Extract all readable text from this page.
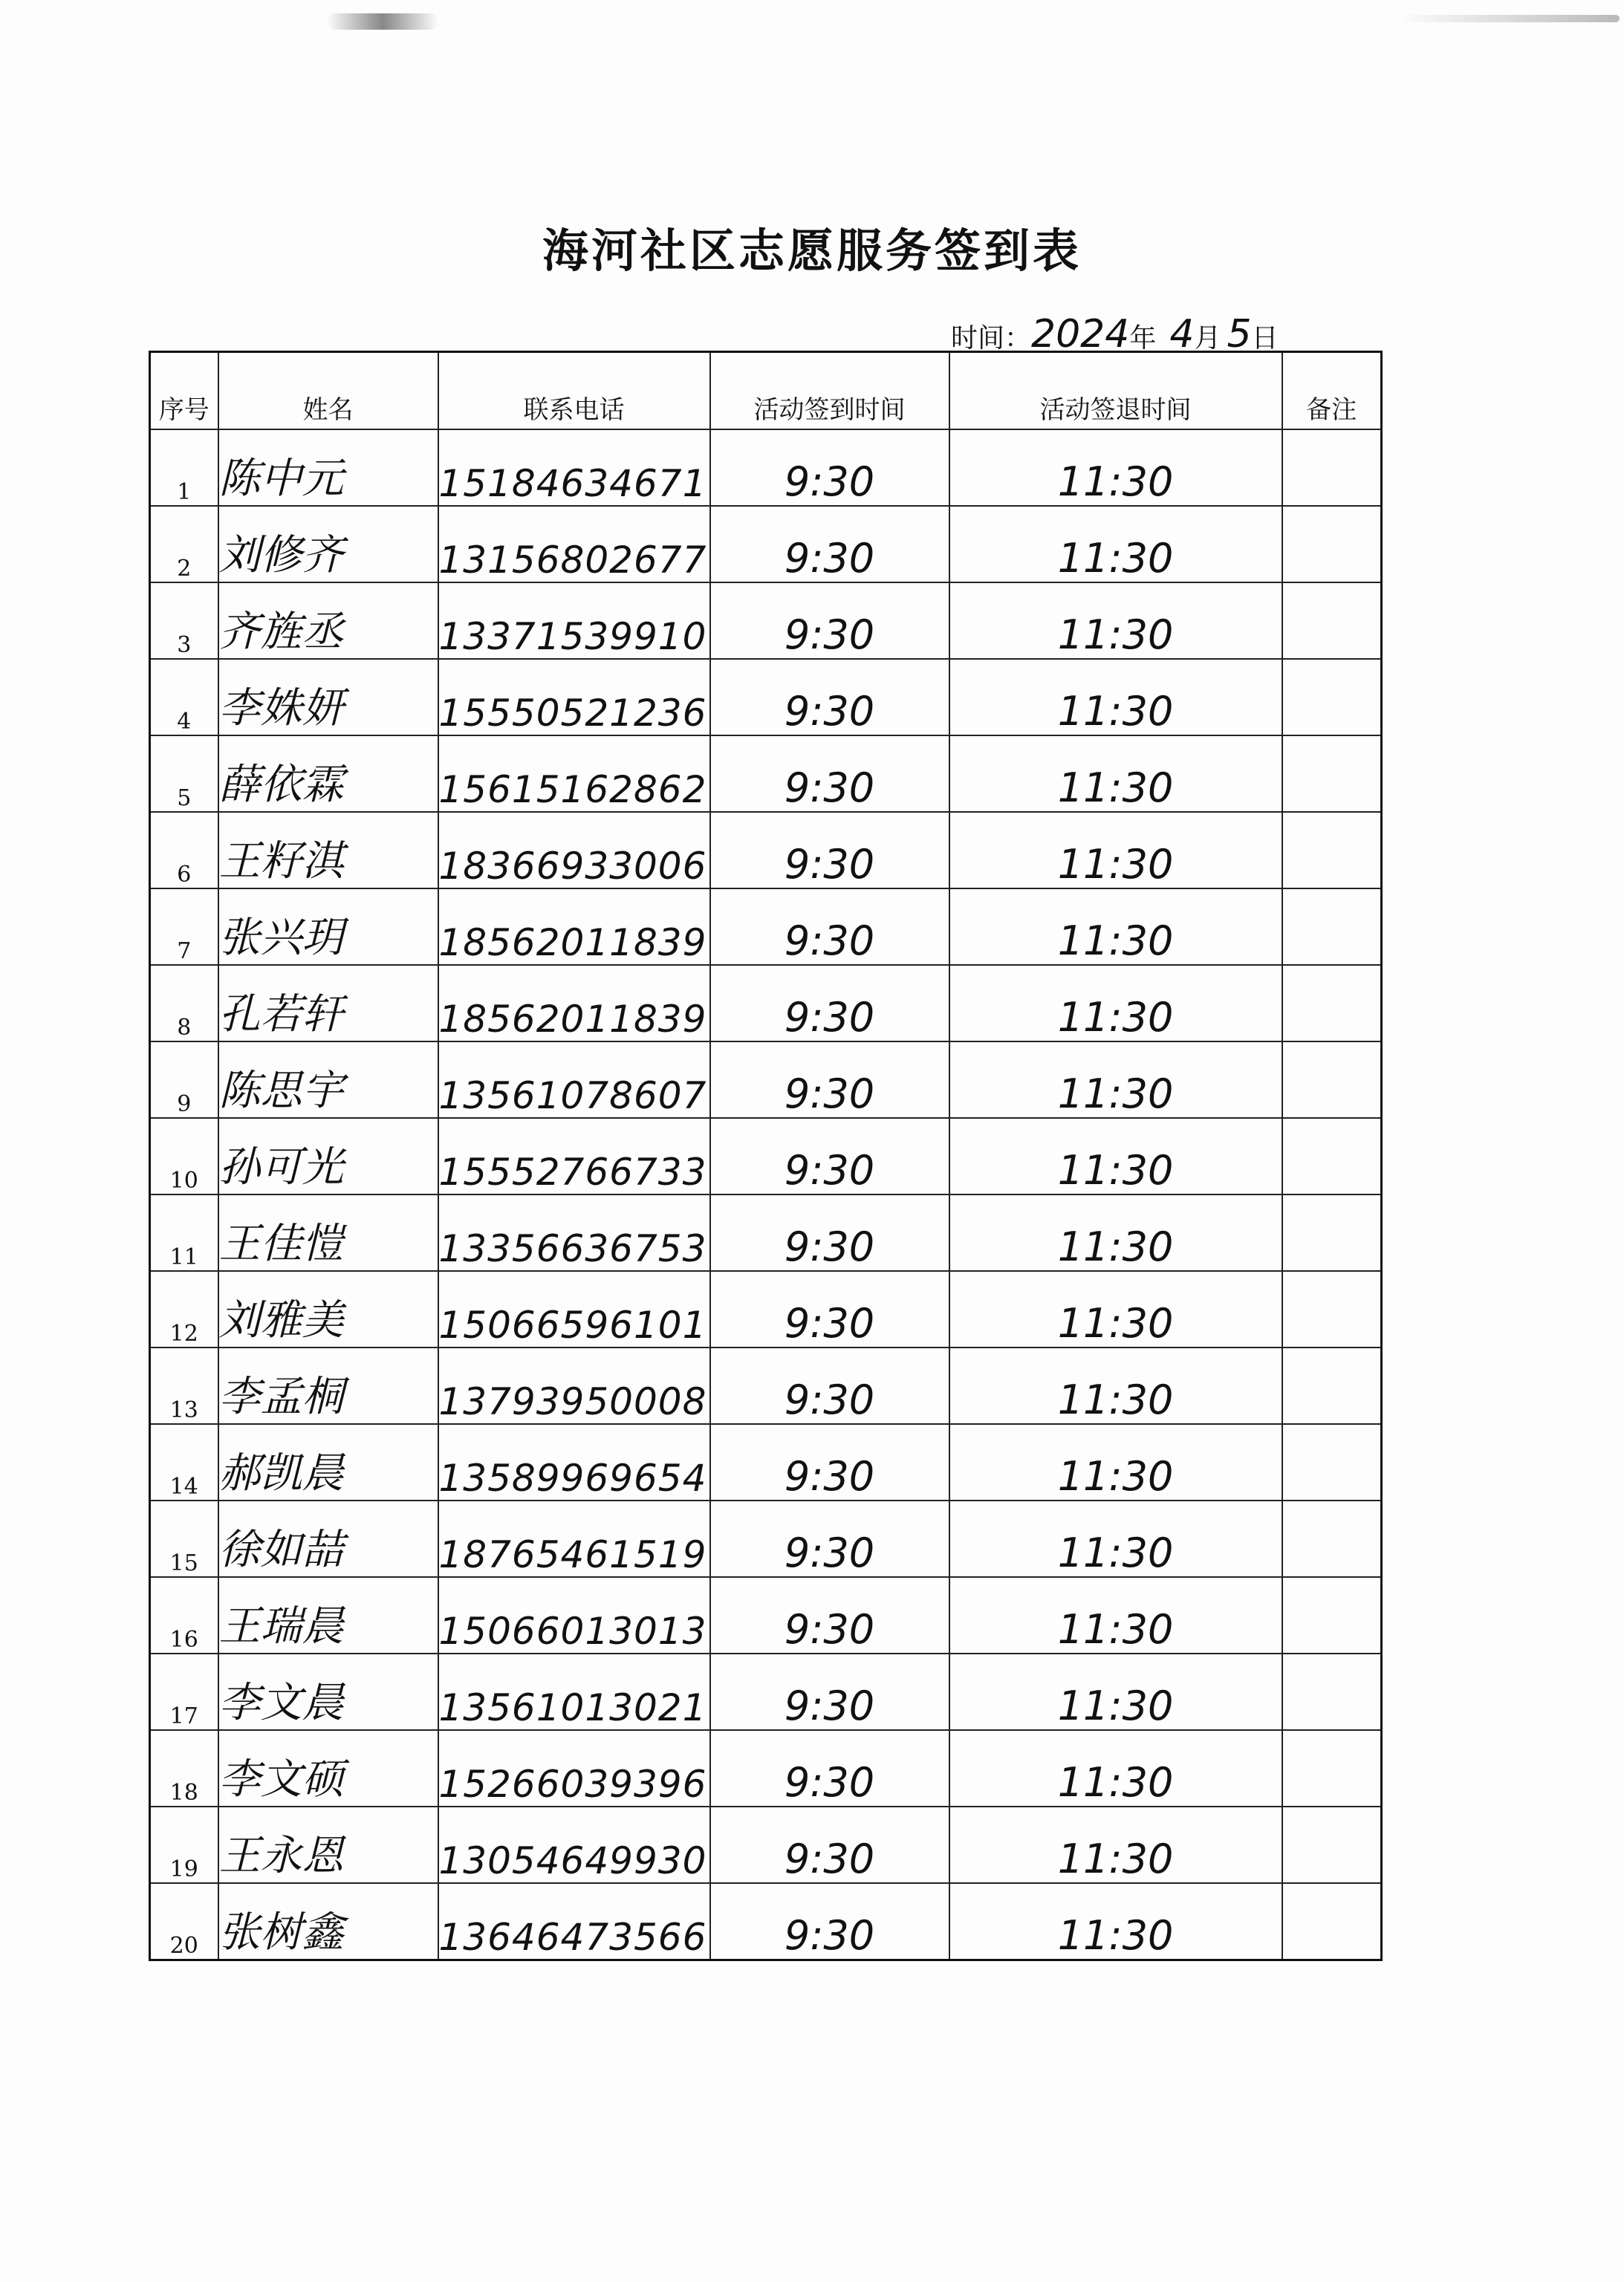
海河社区志愿服务签到表
时间： 2024 年 4 月 5 日
序号	姓名	联系电话	活动签到时间	活动签退时间	备注
1	陈中元	15184634671	9:30	11:30	
2	刘修齐	13156802677	9:30	11:30	
3	齐旌丞	13371539910	9:30	11:30	
4	李姝妍	15550521236	9:30	11:30	
5	薛依霖	15615162862	9:30	11:30	
6	王籽淇	18366933006	9:30	11:30	
7	张兴玥	18562011839	9:30	11:30	
8	孔若轩	18562011839	9:30	11:30	
9	陈思宇	13561078607	9:30	11:30	
10	孙可光	15552766733	9:30	11:30	
11	王佳愷	13356636753	9:30	11:30	
12	刘雅美	15066596101	9:30	11:30	
13	李孟桐	13793950008	9:30	11:30	
14	郝凯晨	13589969654	9:30	11:30	
15	徐如喆	18765461519	9:30	11:30	
16	王瑞晨	15066013013	9:30	11:30	
17	李文晨	13561013021	9:30	11:30	
18	李文硕	15266039396	9:30	11:30	
19	王永恩	13054649930	9:30	11:30	
20	张树鑫	13646473566	9:30	11:30	
